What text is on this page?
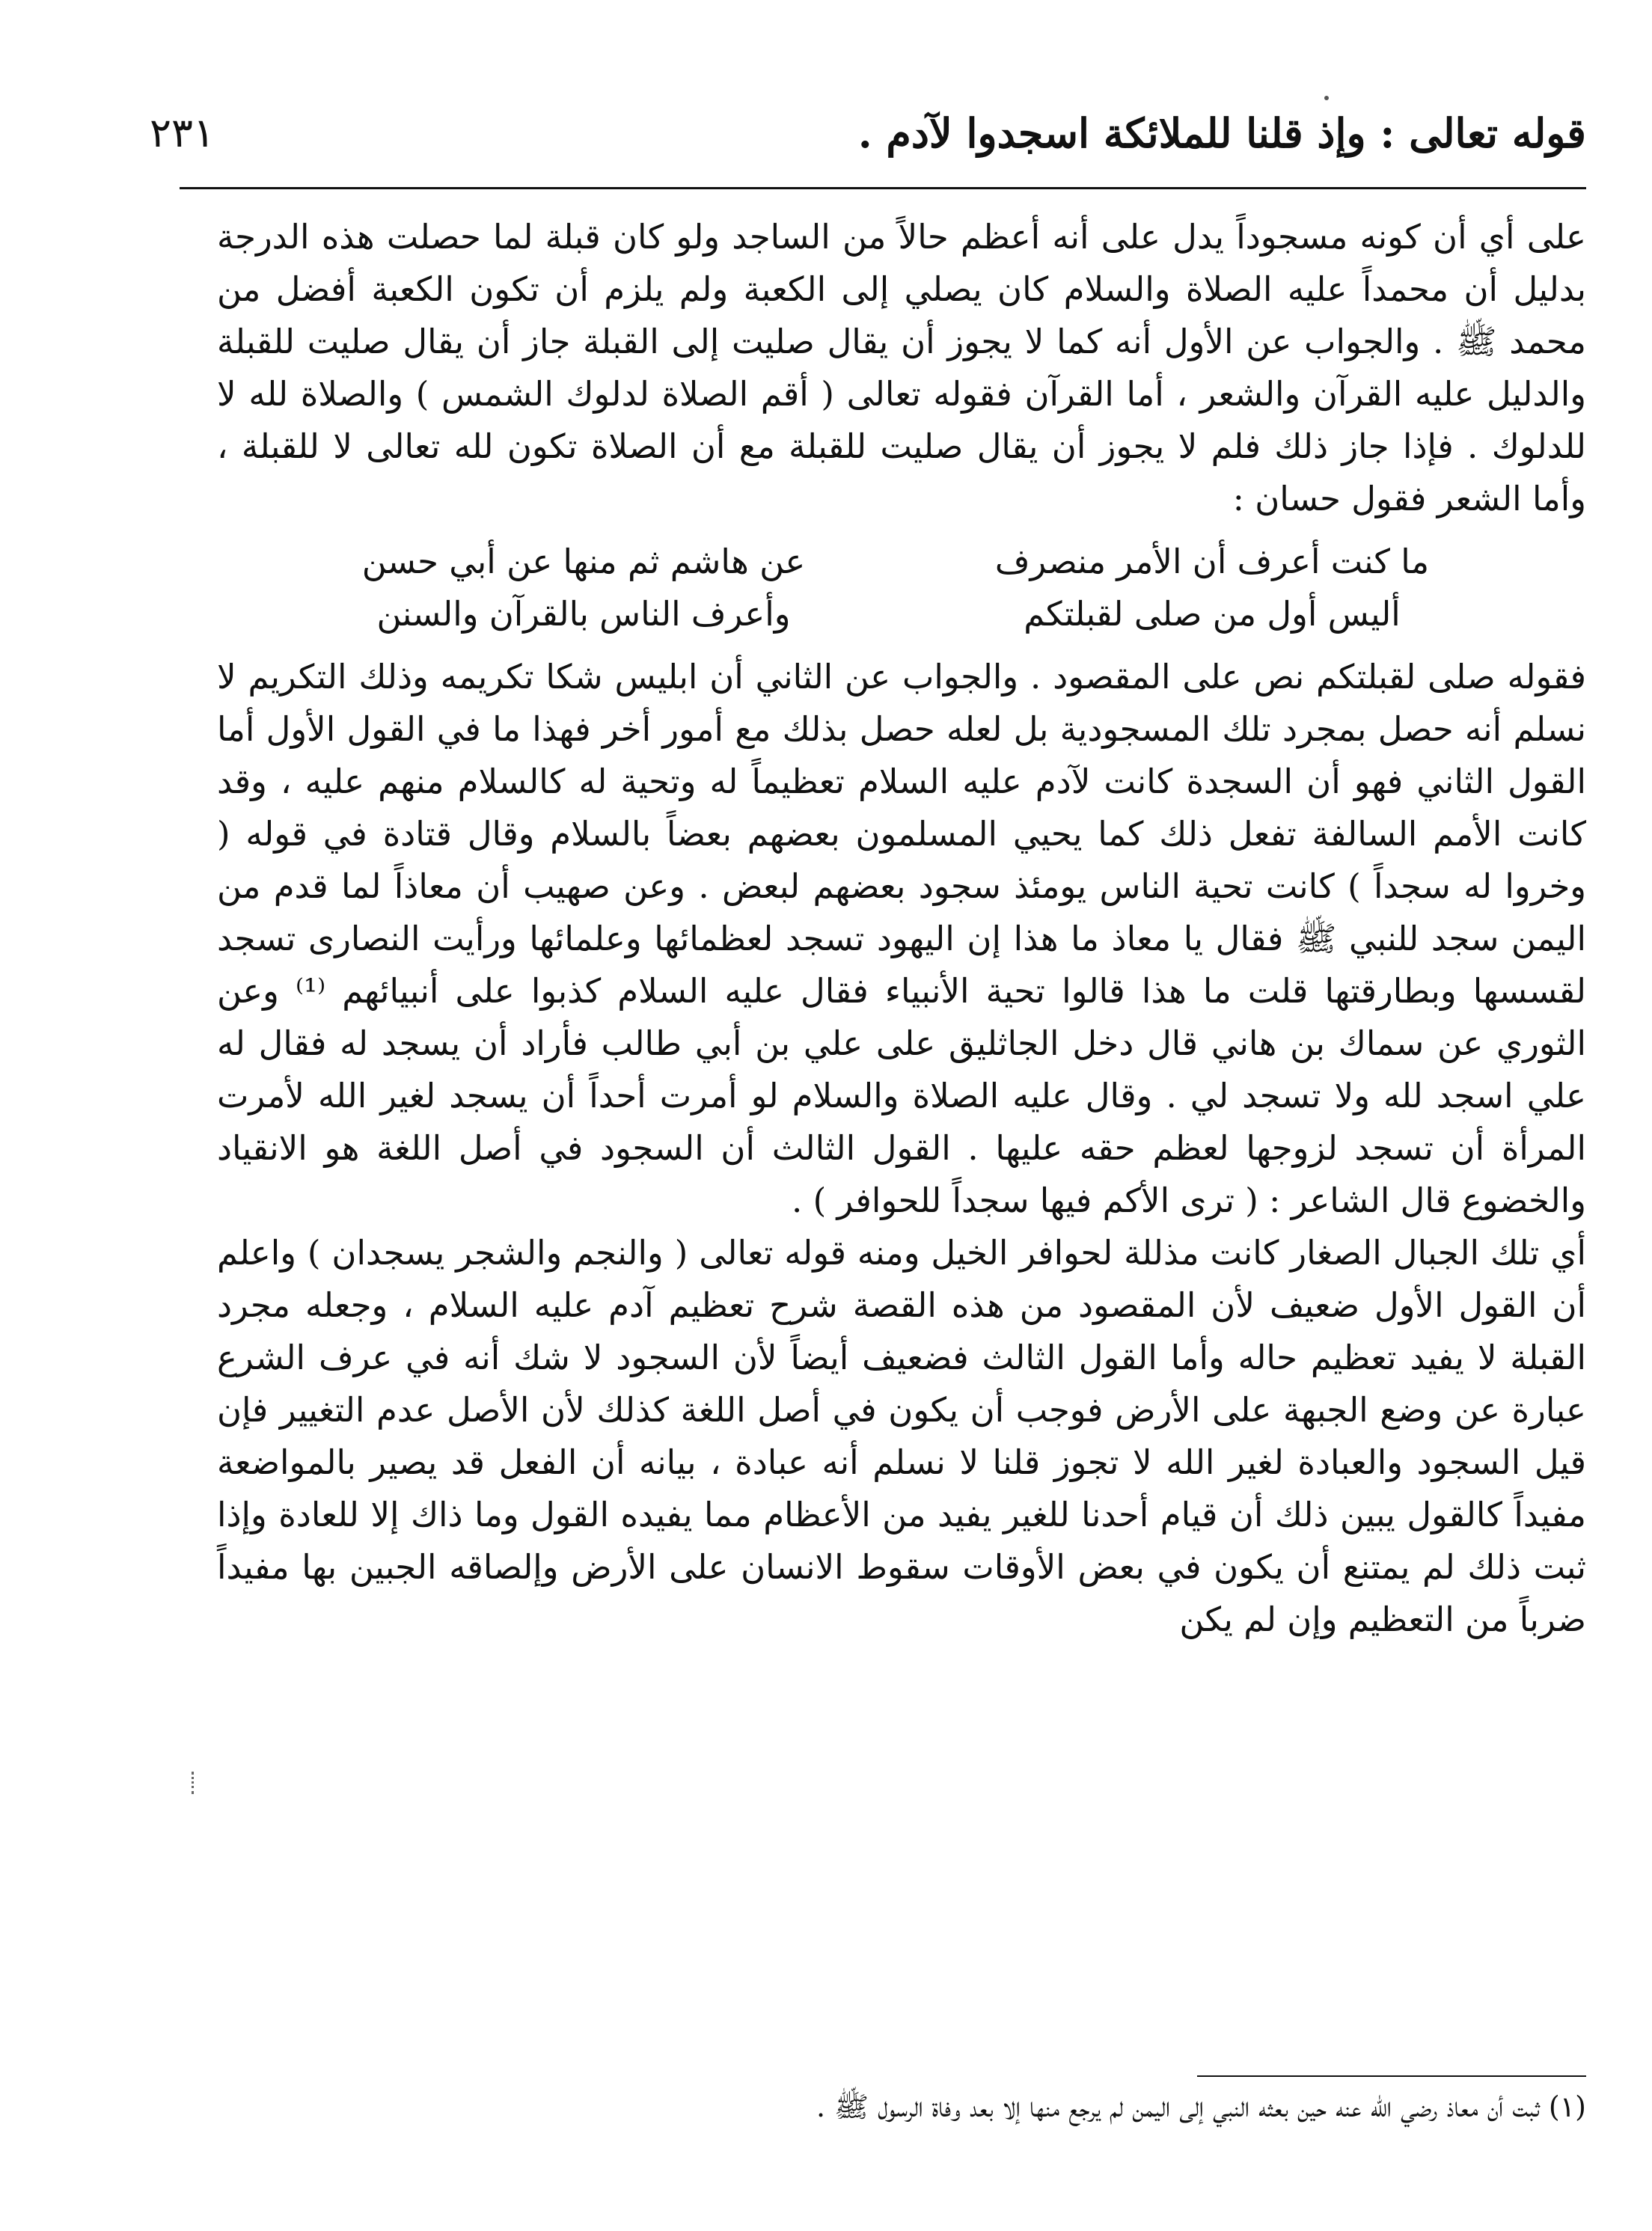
٢٣١	قوله تعالى : وإذ قلنا للملائكة اسجدوا لآدم .

على أي أن كونه مسجوداً يدل على أنه أعظم حالاً من الساجد ولو كان قبلة لما حصلت هذه الدرجة بدليل أن محمداً عليه الصلاة والسلام كان يصلي إلى الكعبة ولم يلزم أن تكون الكعبة أفضل من محمد ﷺ . والجواب عن الأول أنه كما لا يجوز أن يقال صليت إلى القبلة جاز أن يقال صليت للقبلة والدليل عليه القرآن والشعر ، أما القرآن فقوله تعالى ( أقم الصلاة لدلوك الشمس ) والصلاة لله لا للدلوك . فإذا جاز ذلك فلم لا يجوز أن يقال صليت للقبلة مع أن الصلاة تكون لله تعالى لا للقبلة ، وأما الشعر فقول حسان :

ما كنت أعرف أن الأمر منصرف
عن هاشم ثم منها عن أبي حسن
أليس أول من صلى لقبلتكم
وأعرف الناس بالقرآن والسنن

فقوله صلى لقبلتكم نص على المقصود . والجواب عن الثاني أن ابليس شكا تكريمه وذلك التكريم لا نسلم أنه حصل بمجرد تلك المسجودية بل لعله حصل بذلك مع أمور أخر فهذا ما في القول الأول أما القول الثاني فهو أن السجدة كانت لآدم عليه السلام تعظيماً له وتحية له كالسلام منهم عليه ، وقد كانت الأمم السالفة تفعل ذلك كما يحيي المسلمون بعضهم بعضاً بالسلام وقال قتادة في قوله ( وخروا له سجداً ) كانت تحية الناس يومئذ سجود بعضهم لبعض . وعن صهيب أن معاذاً لما قدم من اليمن سجد للنبي ﷺ فقال يا معاذ ما هذا إن اليهود تسجد لعظمائها وعلمائها ورأيت النصارى تسجد لقسسها وبطارقتها قلت ما هذا قالوا تحية الأنبياء فقال عليه السلام كذبوا على أنبيائهم ⁽¹⁾ وعن الثوري عن سماك بن هاني قال دخل الجاثليق على علي بن أبي طالب فأراد أن يسجد له فقال له علي اسجد لله ولا تسجد لي . وقال عليه الصلاة والسلام لو أمرت أحداً أن يسجد لغير الله لأمرت المرأة أن تسجد لزوجها لعظم حقه عليها . القول الثالث أن السجود في أصل اللغة هو الانقياد والخضوع قال الشاعر : ( ترى الأكم فيها سجداً للحوافر ) .

أي تلك الجبال الصغار كانت مذللة لحوافر الخيل ومنه قوله تعالى ( والنجم والشجر يسجدان ) واعلم أن القول الأول ضعيف لأن المقصود من هذه القصة شرح تعظيم آدم عليه السلام ، وجعله مجرد القبلة لا يفيد تعظيم حاله وأما القول الثالث فضعيف أيضاً لأن السجود لا شك أنه في عرف الشرع عبارة عن وضع الجبهة على الأرض فوجب أن يكون في أصل اللغة كذلك لأن الأصل عدم التغيير فإن قيل السجود والعبادة لغير الله لا تجوز قلنا لا نسلم أنه عبادة ، بيانه أن الفعل قد يصير بالمواضعة مفيداً كالقول يبين ذلك أن قيام أحدنا للغير يفيد من الأعظام مما يفيده القول وما ذاك إلا للعادة وإذا ثبت ذلك لم يمتنع أن يكون في بعض الأوقات سقوط الانسان على الأرض وإلصاقه الجبين بها مفيداً ضرباً من التعظيم وإن لم يكن

(١) ثبت أن معاذ رضي الله عنه حين بعثه النبي إلى اليمن لم يرجع منها إلا بعد وفاة الرسول ﷺ .
